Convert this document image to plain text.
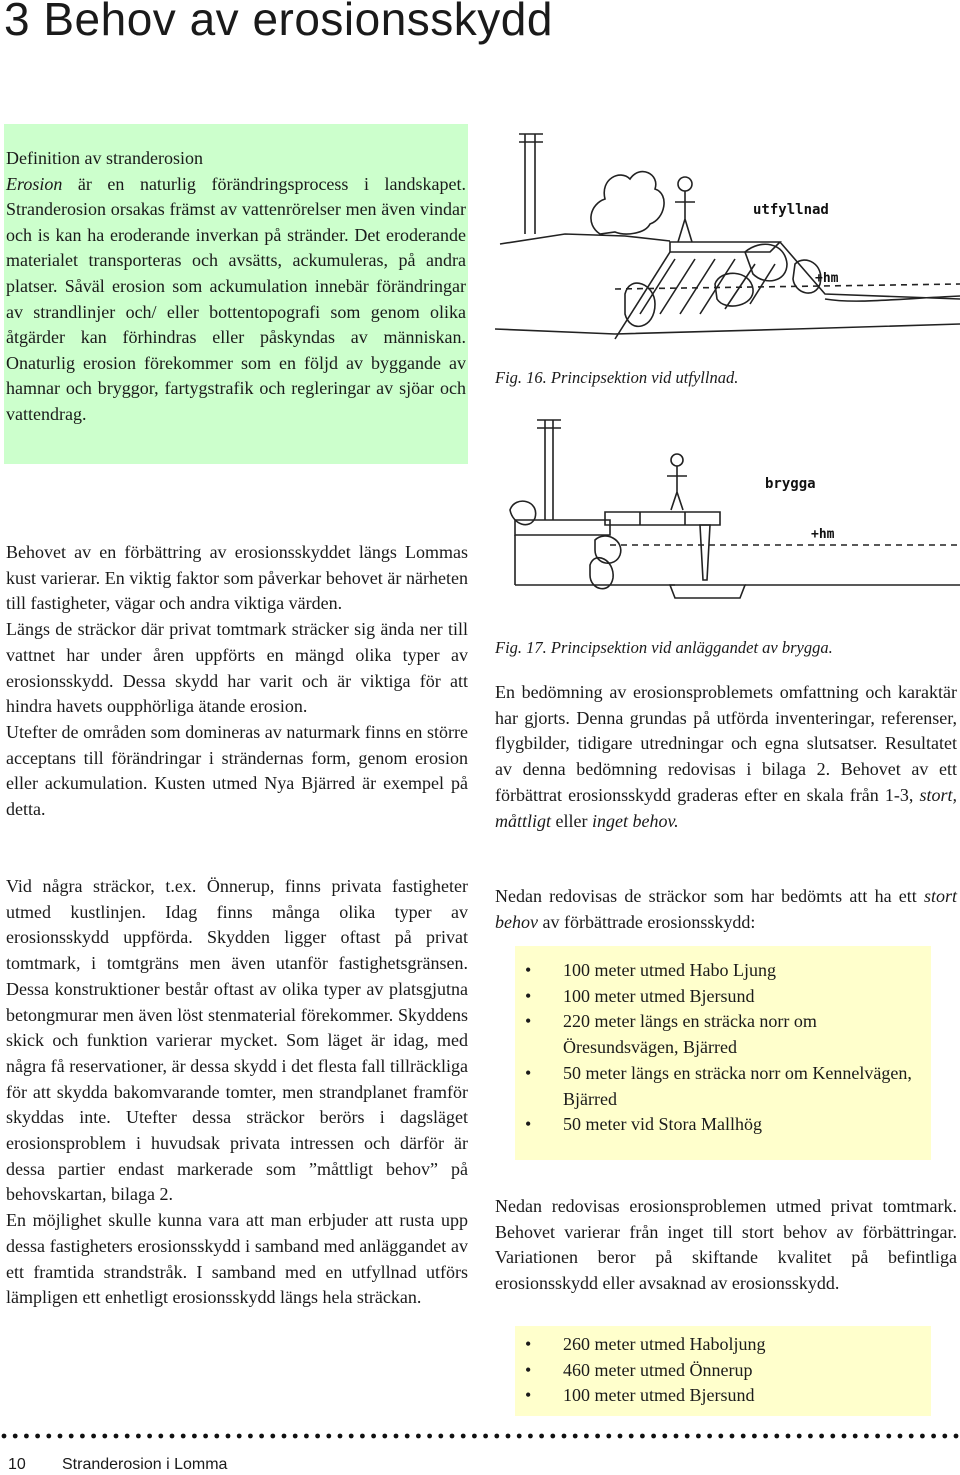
3 Behov av erosionsskydd
Definition av stranderosion
Erosion är en naturlig förändringsprocess i landskapet. Stranderosion orsakas främst av vattenrörelser men även vindar och is kan ha eroderande inverkan på stränder. Det eroderande materialet transporteras och avsätts, ackumuleras, på andra platser. Såväl erosion som ackumulation innebär förändringar av strandlinjer och/ eller bottentopografi som genom olika åtgärder kan förhindras eller påskyndas av människan. Onaturlig erosion förekommer som en följd av byggande av hamnar och bryggor, fartygstrafik och regleringar av sjöar och vattendrag.

Behovet av en förbättring av erosionsskyddet längs Lommas kust varierar. En viktig faktor som påverkar behovet är närheten till fastigheter, vägar och andra viktiga värden.

Längs de sträckor där privat tomtmark sträcker sig ända ner till vattnet har under åren uppförts en mängd olika typer av erosionsskydd. Dessa skydd har varit och är viktiga för att hindra havets oupphörliga ätande erosion.

Utefter de områden som domineras av naturmark finns en större acceptans till förändringar i strändernas form, genom erosion eller ackumulation. Kusten utmed Nya Bjärred är exempel på detta.

Vid några sträckor, t.ex. Önnerup, finns privata fastigheter utmed kustlinjen. Idag finns många olika typer av erosionsskydd uppförda. Skydden ligger oftast på privat tomtmark, i tomtgräns men även utanför fastighetsgränsen. Dessa konstruktioner består oftast av olika typer av platsgjutna betongmurar men även löst stenmaterial förekommer. Skyddens skick och funktion varierar mycket. Som läget är idag, med några få reservationer, är dessa skydd i det flesta fall tillräckliga för att skydda bakomvarande tomter, men strandplanet framför skyddas inte. Utefter dessa sträckor berörs i dagsläget erosionsproblem i huvudsak privata intressen och därför är dessa partier endast markerade som ”måttligt behov” på behovskartan, bilaga 2.

En möjlighet skulle kunna vara att man erbjuder att rusta upp dessa fastigheters erosionsskydd i samband med anläggandet av ett framtida strandstråk. I samband med en utfyllnad utförs lämpligen ett enhetligt erosionsskydd längs hela sträckan.

utfyllnad
+hm
Fig. 16. Principsektion vid utfyllnad.
brygga
+hm
Fig. 17. Principsektion vid anläggandet av brygga.

En bedömning av erosionsproblemets omfattning och karaktär har gjorts. Denna grundas på utförda inventeringar, referenser, flygbilder, tidigare utredningar och egna slutsatser. Resultatet av denna bedömning redovisas i bilaga 2. Behovet av ett förbättrat erosionsskydd graderas efter en skala från 1-3, stort, måttligt eller inget behov.

Nedan redovisas de sträckor som har bedömts att ha ett stort behov av förbättrade erosionsskydd:

• 100 meter utmed Habo Ljung
• 100 meter utmed Bjersund
• 220 meter längs en sträcka norr om Öresundsvägen, Bjärred
• 50 meter längs en sträcka norr om Kennelvägen, Bjärred
• 50 meter vid Stora Mallhög

Nedan redovisas erosionsproblemen utmed privat tomtmark. Behovet varierar från inget till stort behov av förbättringar. Variationen beror på skiftande kvalitet på befintliga erosionsskydd eller avsaknad av erosionsskydd.

• 260 meter utmed Haboljung
• 460 meter utmed Önnerup
• 100 meter utmed Bjersund
10 Stranderosion i Lomma
